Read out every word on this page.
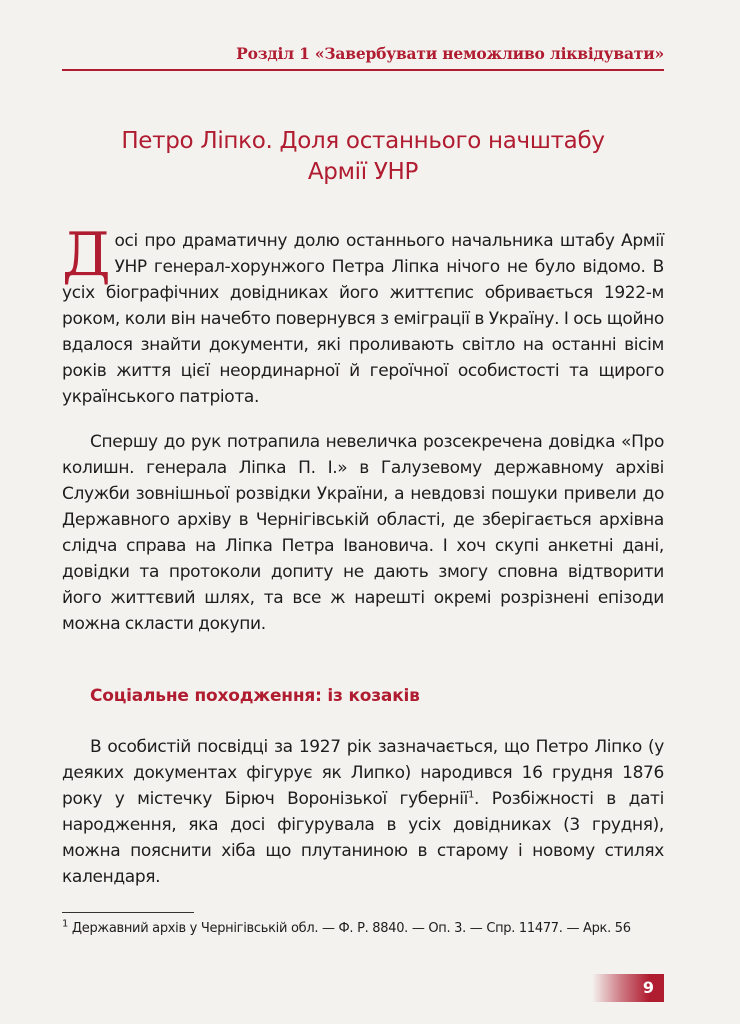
Розділ 1 «Завербувати неможливо ліквідувати»
Петро Ліпко. Доля останнього начштабу
Армії УНР
Досі про драматичну долю останнього начальника штабу Армії УНР генерал-хорунжого Петра Ліпка нічого не було відомо. В усіх біографічних довідниках його життєпис обривається 1922-м роком, коли він начебто повернувся з еміграції в Україну. І ось щойно вдалося знайти документи, які проливають світло на останні вісім років життя цієї неординарної й героїчної особистості та щирого українського патріота.
Спершу до рук потрапила невеличка розсекречена довідка «Про колишн. генерала Ліпка П. І.» в Галузевому державному архіві Служби зовнішньої розвідки України, а невдовзі пошуки привели до Державного архіву в Чернігівській області, де зберігається архівна слідча справа на Ліпка Петра Івановича. І хоч скупі анкетні дані, довідки та протоколи допиту не дають змогу сповна відтворити його життєвий шлях, та все ж нарешті окремі розрізнені епізоди можна скласти докупи.
Соціальне походження: із козаків
В особистій посвідці за 1927 рік зазначається, що Петро Ліпко (у деяких документах фігурує як Липко) народився 16 грудня 1876 року у містечку Бірюч Воронізької губернії$^1$. Розбіжності в даті народження, яка досі фігурувала в усіх довідниках (3 грудня), можна пояснити хіба що плутаниною в старому і новому стилях календаря.
$^1$ Державний архів у Чернігівській обл. — Ф. Р. 8840. — Оп. 3. — Спр. 11477. — Арк. 56
9
